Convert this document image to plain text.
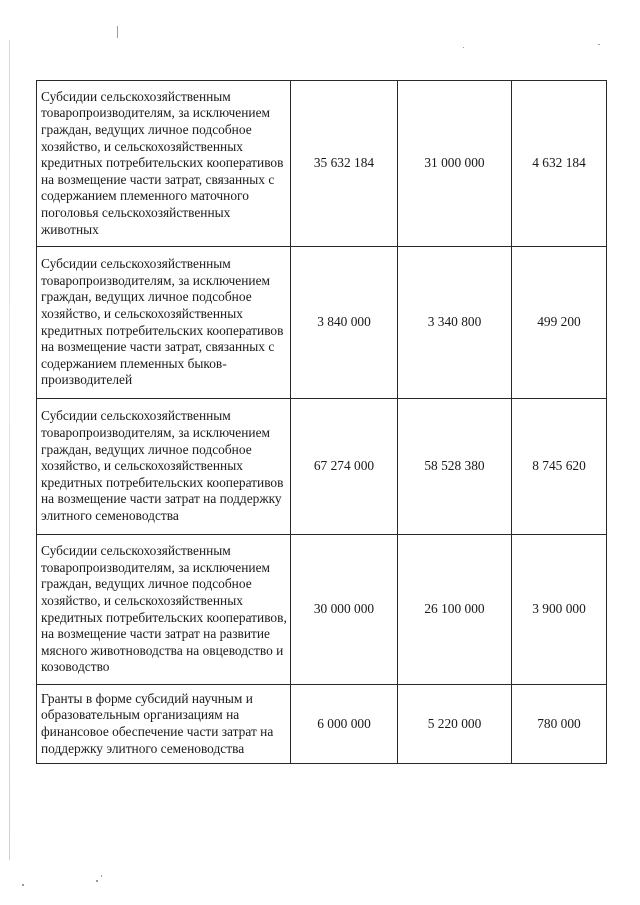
Субсидии сельскохозяйственным товаропроизводителям, за исключением граждан, ведущих личное подсобное хозяйство, и сельскохозяйственных кредитных потребительских кооперативов на возмещение части затрат, связанных с содержанием племенного маточного поголовья сельскохозяйственных животных	35 632 184	31 000 000	4 632 184
Субсидии сельскохозяйственным товаропроизводителям, за исключением граждан, ведущих личное подсобное хозяйство, и сельскохозяйственных кредитных потребительских кооперативов на возмещение части затрат, связанных с содержанием племенных быков-производителей	3 840 000	3 340 800	499 200
Субсидии сельскохозяйственным товаропроизводителям, за исключением граждан, ведущих личное подсобное хозяйство, и сельскохозяйственных кредитных потребительских кооперативов на возмещение части затрат на поддержку элитного семеноводства	67 274 000	58 528 380	8 745 620
Субсидии сельскохозяйственным товаропроизводителям, за исключением граждан, ведущих личное подсобное хозяйство, и сельскохозяйственных кредитных потребительских кооперативов, на возмещение части затрат на развитие мясного животноводства на овцеводство и козоводство	30 000 000	26 100 000	3 900 000
Гранты в форме субсидий научным и образовательным организациям на финансовое обеспечение части затрат на поддержку элитного семеноводства	6 000 000	5 220 000	780 000
